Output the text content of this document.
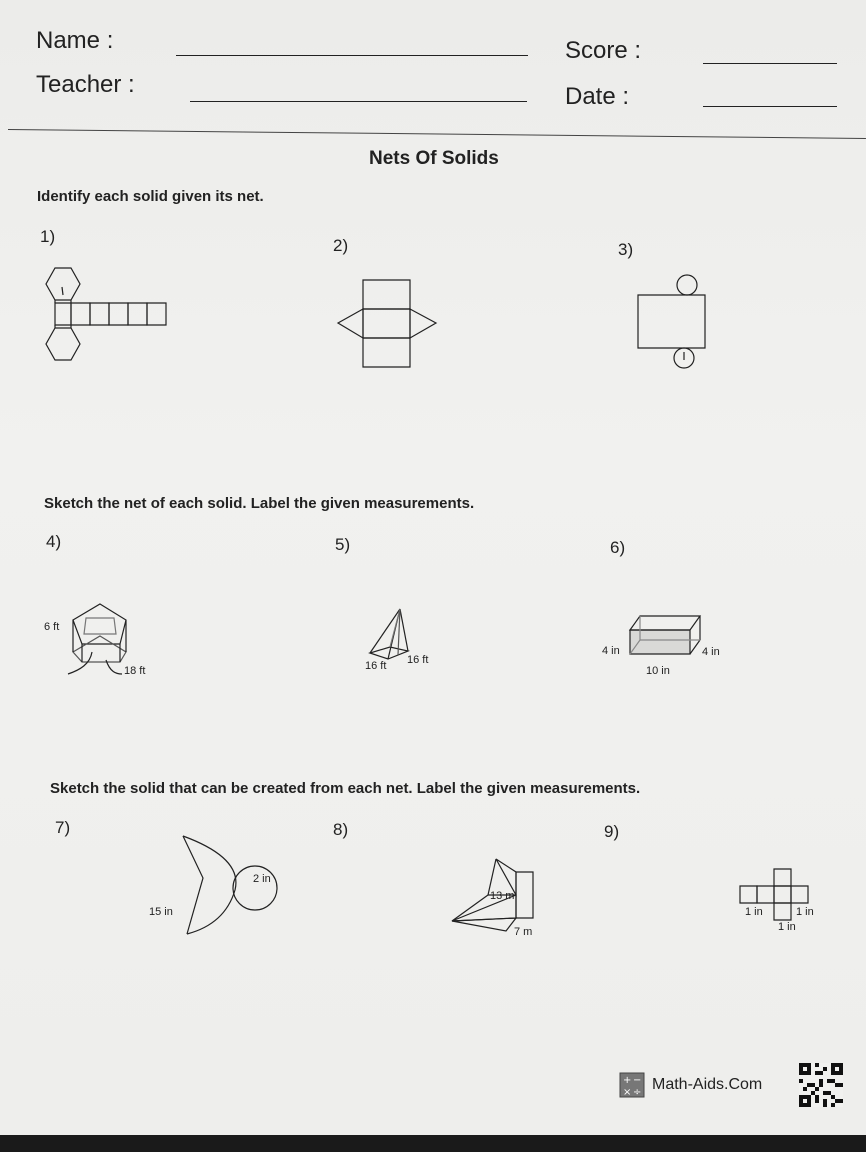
Name :
Teacher :
Score :
Date :
Nets Of Solids
Identify each solid given its net.
1)	2)	3)
Sketch the net of each solid. Label the given measurements.
4)	5)	6)
6 ft
18 ft	16 ft 16 ft
4 in
10 in
4 in
Sketch the solid that can be created from each net. Label the given measurements.
7)	8)	9)
2 in
15 in
13 m
7 m
1 in	1 in
1 in
+ −
× ÷ Math-Aids.Com
